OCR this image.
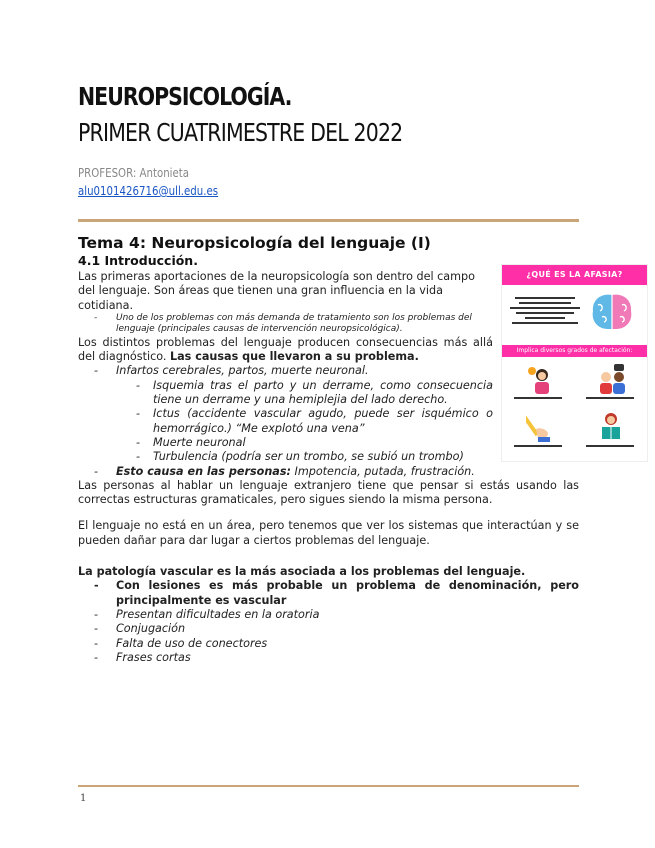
NEUROPSICOLOGÍA.
PRIMER CUATRIMESTRE DEL 2022
PROFESOR: Antonieta
alu0101426716@ull.edu.es
Tema 4: Neuropsicología del lenguaje (I)
4.1 Introducción.

Las primeras aportaciones de la neuropsicología son dentro del campo del lenguaje. Son áreas que tienen una gran influencia en la vida cotidiana.

- Uno de los problemas con más demanda de tratamiento son los problemas del lenguaje (principales causas de intervención neuropsicológica).

Los distintos problemas del lenguaje producen consecuencias más allá del diagnóstico. Las causas que llevaron a su problema.

- Infartos cerebrales, partos, muerte neuronal.
- Isquemia tras el parto y un derrame, como consecuencia tiene un derrame y una hemiplejia del lado derecho.
- Ictus (accidente vascular agudo, puede ser isquémico o hemorrágico.) “Me explotó una vena”
- Muerte neuronal
- Turbulencia (podría ser un trombo, se subió un trombo)
- Esto causa en las personas: Impotencia, putada, frustración.

Las personas al hablar un lenguaje extranjero tiene que pensar si estás usando las correctas estructuras gramaticales, pero sigues siendo la misma persona.

El lenguaje no está en un área, pero tenemos que ver los sistemas que interactúan y se pueden dañar para dar lugar a ciertos problemas del lenguaje.

La patología vascular es la más asociada a los problemas del lenguaje.

- Con lesiones es más probable un problema de denominación, pero principalmente es vascular
- Presentan dificultades en la oratoria
- Conjugación
- Falta de uso de conectores
- Frases cortas
¿QUÉ ES LA AFASIA?
Implica diversos grados de afectación:
1
